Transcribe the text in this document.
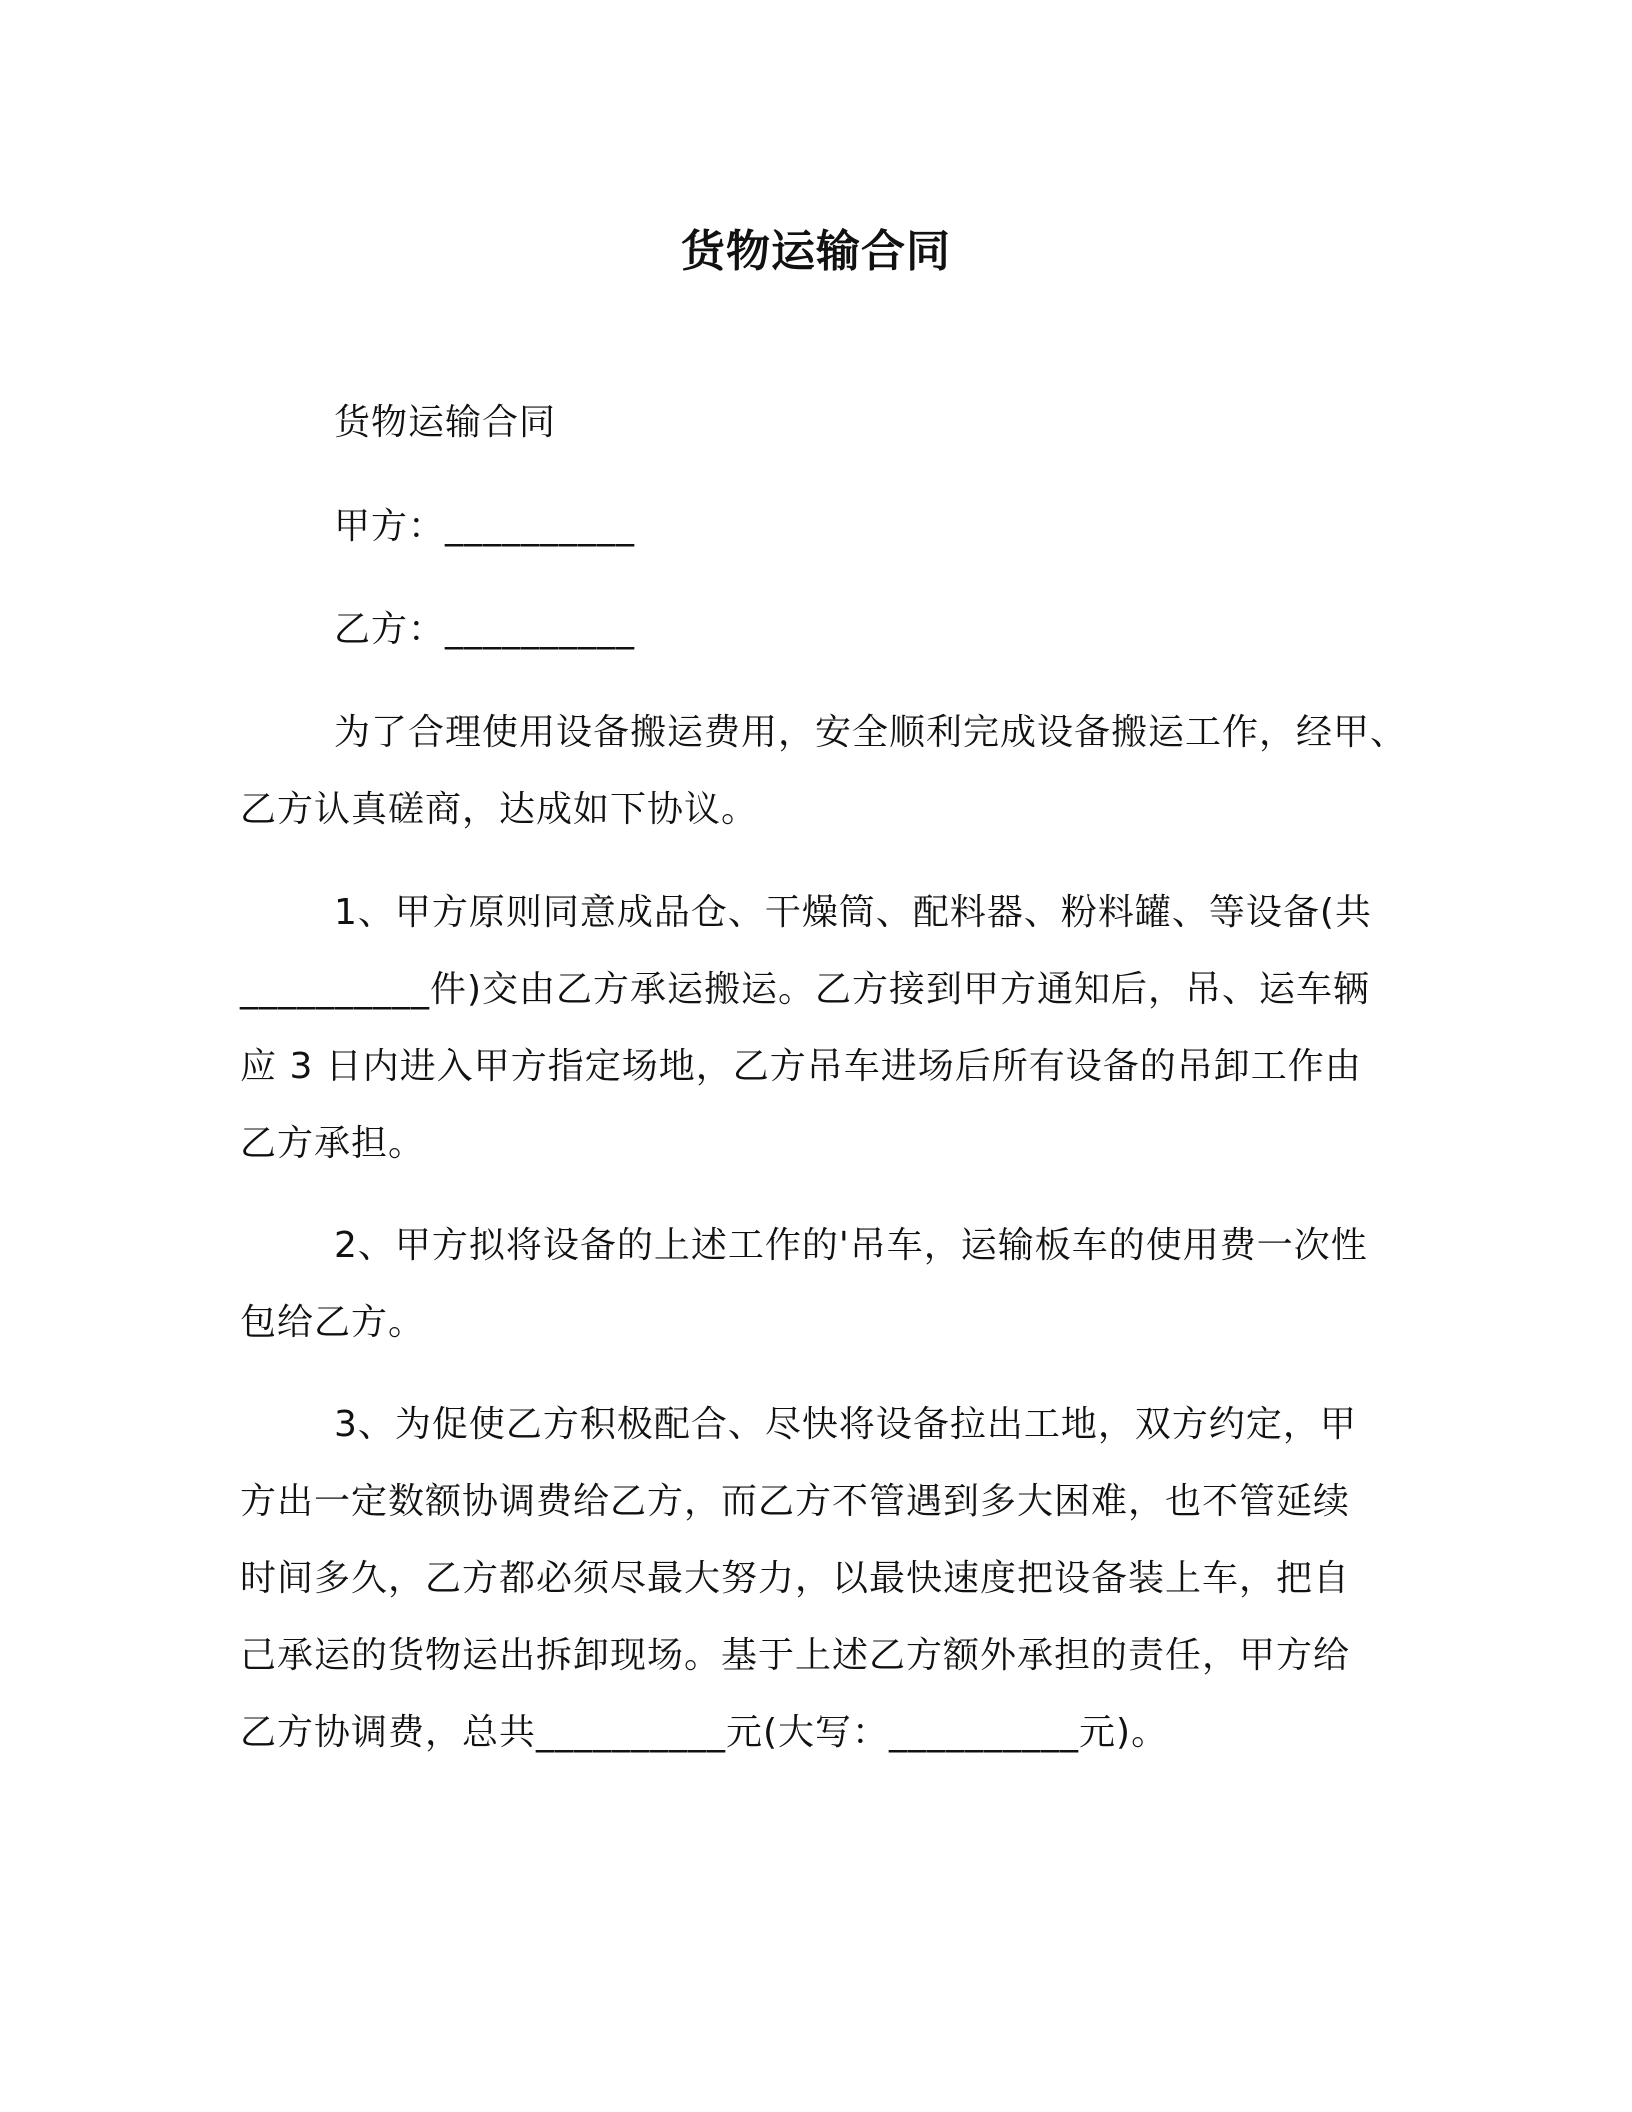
货物运输合同

货物运输合同

甲方：__________

乙方：__________

为了合理使用设备搬运费用，安全顺利完成设备搬运工作，经甲、
乙方认真磋商，达成如下协议。
1、甲方原则同意成品仓、干燥筒、配料器、粉料罐、等设备(共
__________件)交由乙方承运搬运。乙方接到甲方通知后，吊、运车辆
应 3 日内进入甲方指定场地，乙方吊车进场后所有设备的吊卸工作由
乙方承担。
2、甲方拟将设备的上述工作的'吊车，运输板车的使用费一次性
包给乙方。
3、为促使乙方积极配合、尽快将设备拉出工地，双方约定，甲
方出一定数额协调费给乙方，而乙方不管遇到多大困难，也不管延续
时间多久，乙方都必须尽最大努力，以最快速度把设备装上车，把自
己承运的货物运出拆卸现场。基于上述乙方额外承担的责任，甲方给
乙方协调费，总共__________元(大写：__________元)。
